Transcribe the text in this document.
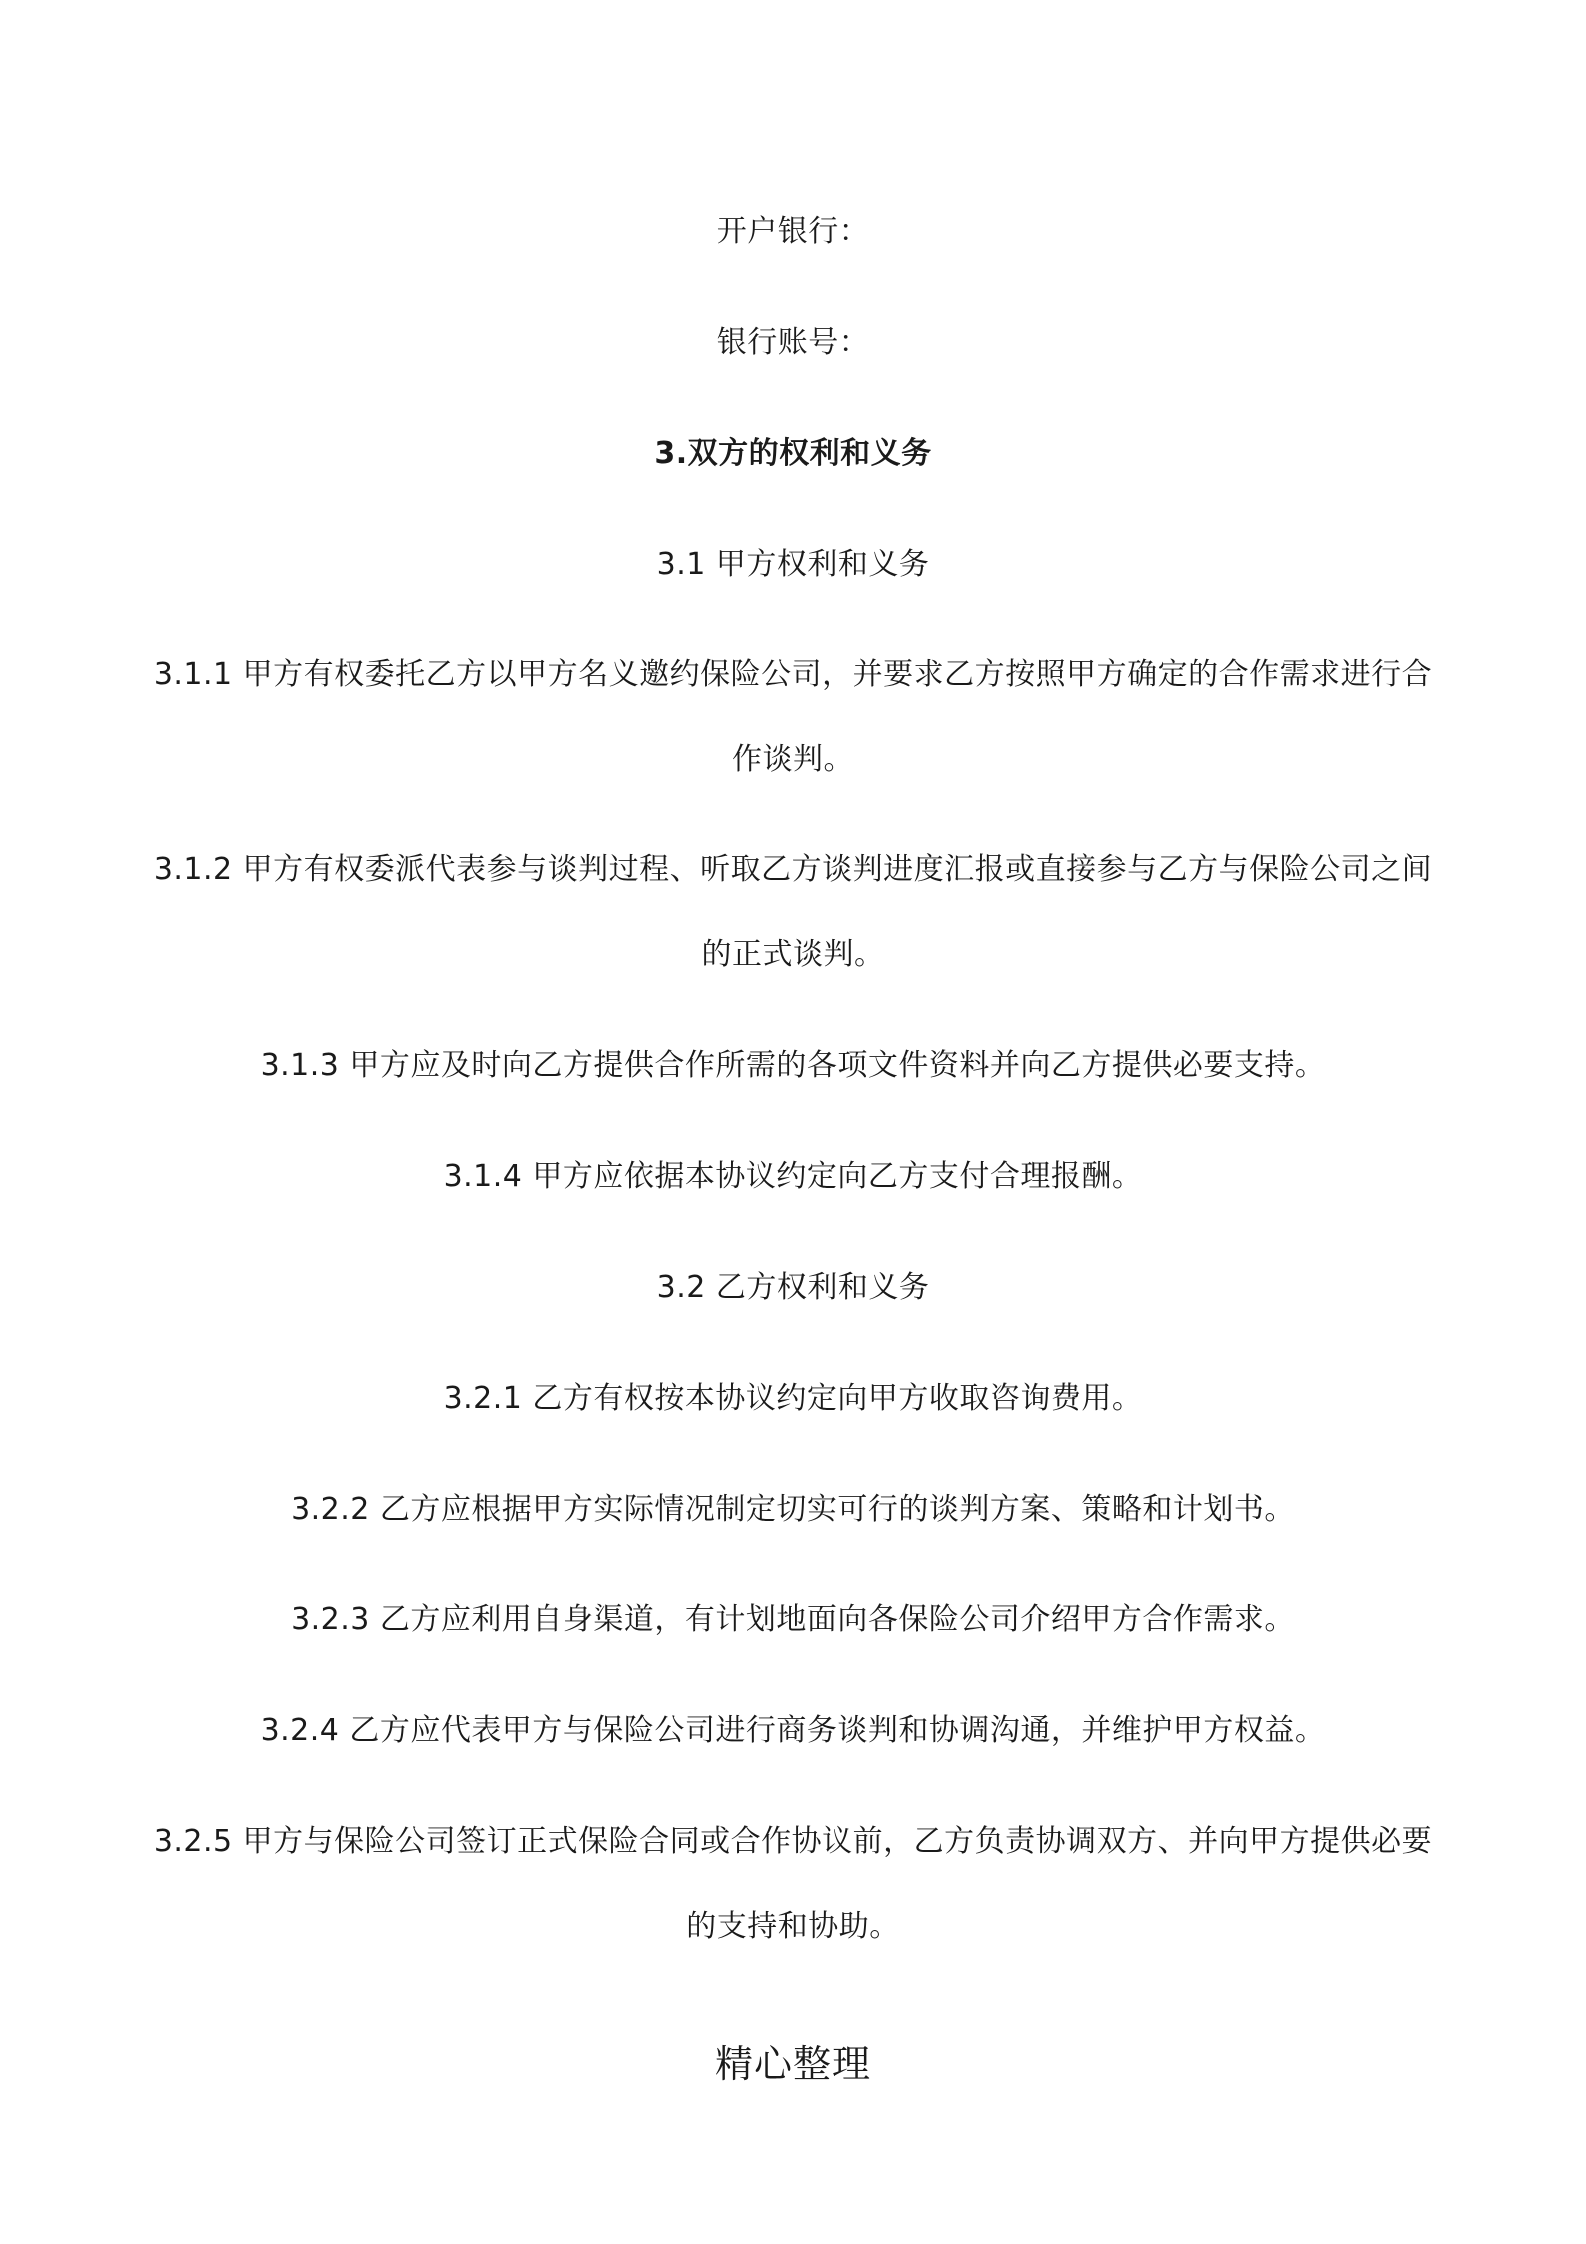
开户银行：
银行账号：
3.双方的权利和义务
3.1 甲方权利和义务
3.1.1 甲方有权委托乙方以甲方名义邀约保险公司，并要求乙方按照甲方确定的合作需求进行合
作谈判。
3.1.2 甲方有权委派代表参与谈判过程、听取乙方谈判进度汇报或直接参与乙方与保险公司之间
的正式谈判。
3.1.3 甲方应及时向乙方提供合作所需的各项文件资料并向乙方提供必要支持。
3.1.4 甲方应依据本协议约定向乙方支付合理报酬。
3.2 乙方权利和义务
3.2.1 乙方有权按本协议约定向甲方收取咨询费用。
3.2.2 乙方应根据甲方实际情况制定切实可行的谈判方案、策略和计划书。
3.2.3 乙方应利用自身渠道，有计划地面向各保险公司介绍甲方合作需求。
3.2.4 乙方应代表甲方与保险公司进行商务谈判和协调沟通，并维护甲方权益。
3.2.5 甲方与保险公司签订正式保险合同或合作协议前，乙方负责协调双方、并向甲方提供必要
的支持和协助。
精心整理
